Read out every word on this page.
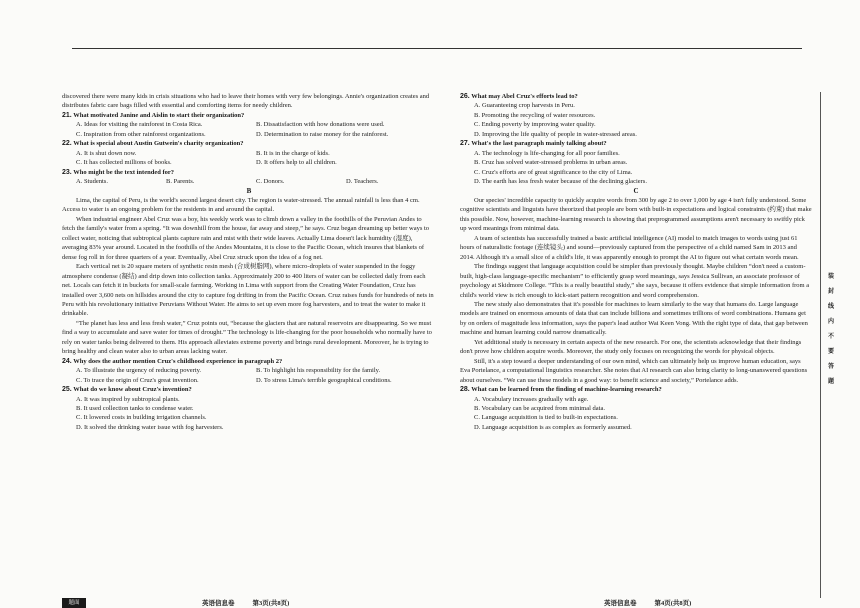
discovered there were many kids in crisis situations who had to leave their homes with very few belongings. Annie's organization creates and distributes fabric care bags filled with essential and comforting items for needy children.

21. What motivated Janine and Aislin to start their organization?

A. Ideas for visiting the rainforest in Costa Rica.	B. Dissatisfaction with how donations were used.
C. Inspiration from other rainforest organizations.	D. Determination to raise money for the rainforest.

22. What is special about Austin Gutwein's charity organization?

A. It is shut down now.	B. It is in the charge of kids.
C. It has collected millions of books.	D. It offers help to all children.

23. Who might be the text intended for?

A. Students.	B. Parents.	C. Donors.	D. Teachers.

B

Lima, the capital of Peru, is the world's second largest desert city. The region is water-stressed. The annual rainfall is less than 4 cm. Access to water is an ongoing problem for the residents in and around the capital.

When industrial engineer Abel Cruz was a boy, his weekly work was to climb down a valley in the foothills of the Peruvian Andes to fetch the family's water from a spring. “It was downhill from the house, far away and steep,” he says. Cruz began dreaming up better ways to collect water, noticing that subtropical plants capture rain and mist with their wide leaves. Actually Lima doesn't lack humidity (湿度), averaging 83% year around. Located in the foothills of the Andes Mountains, it is close to the Pacific Ocean, which insures that blankets of dense fog roll in for three quarters of a year. Eventually, Abel Cruz struck upon the idea of a fog net.

Each vertical net is 20 square meters of synthetic resin mesh (合成树脂网), where micro-droplets of water suspended in the foggy atmosphere condense (凝结) and drip down into collection tanks. Approximately 200 to 400 liters of water can be collected daily from each net. Locals can fetch it in buckets for small-scale farming. Working in Lima with support from the Creating Water Foundation, Cruz has installed over 3,600 nets on hillsides around the city to capture fog drifting in from the Pacific Ocean. Cruz raises funds for hundreds of nets in Peru with his revolutionary initiative Peruvians Without Water. He aims to set up even more fog harvesters, and to treat the water to make it drinkable.

“The planet has less and less fresh water,” Cruz points out, “because the glaciers that are natural reservoirs are disappearing. So we must find a way to accumulate and save water for times of drought.” The technology is life-changing for the poor households who normally have to rely on water tanks being delivered to them. His approach alleviates extreme poverty and brings rural development. Moreover, he is trying to bring healthy and clean water also to urban areas lacking water.

24. Why does the author mention Cruz's childhood experience in paragraph 2?

A. To illustrate the urgency of reducing poverty.	B. To highlight his responsibility for the family.
C. To trace the origin of Cruz's great invention.	D. To stress Lima's terrible geographical conditions.

25. What do we know about Cruz's invention?

A. It was inspired by subtropical plants.

B. It used collection tanks to condense water.

C. It lowered costs in building irrigation channels.

D. It solved the drinking water issue with fog harvesters.

26. What may Abel Cruz's efforts lead to?

A. Guaranteeing crop harvests in Peru.

B. Promoting the recycling of water resources.

C. Ending poverty by improving water quality.

D. Improving the life quality of people in water-stressed areas.

27. What's the last paragraph mainly talking about?

A. The technology is life-changing for all poor families.

B. Cruz has solved water-stressed problems in urban areas.

C. Cruz's efforts are of great significance to the city of Lima.

D. The earth has less fresh water because of the declining glaciers.

C

Our species' incredible capacity to quickly acquire words from 300 by age 2 to over 1,000 by age 4 isn't fully understood. Some cognitive scientists and linguists have theorized that people are born with built-in expectations and logical constraints (约束) that make this possible. Now, however, machine-learning research is showing that preprogrammed assumptions aren't necessary to swiftly pick up word meanings from minimal data.

A team of scientists has successfully trained a basic artificial intelligence (AI) model to match images to words using just 61 hours of naturalistic footage (连续镜头) and sound—previously captured from the perspective of a child named Sam in 2013 and 2014. Although it's a small slice of a child's life, it was apparently enough to prompt the AI to figure out what certain words mean.

The findings suggest that language acquisition could be simpler than previously thought. Maybe children “don't need a custom-built, high-class language-specific mechanism” to efficiently grasp word meanings, says Jessica Sullivan, an associate professor of psychology at Skidmore College. “This is a really beautiful study,” she says, because it offers evidence that simple information from a child's world view is rich enough to kick-start pattern recognition and word comprehension.

The new study also demonstrates that it's possible for machines to learn similarly to the way that humans do. Large language models are trained on enormous amounts of data that can include billions and sometimes trillions of word combinations. Humans get by on orders of magnitude less information, says the paper's lead author Wai Keen Vong. With the right type of data, that gap between machine and human learning could narrow dramatically.

Yet additional study is necessary in certain aspects of the new research. For one, the scientists acknowledge that their findings don't prove how children acquire words. Moreover, the study only focuses on recognizing the words for physical objects.

Still, it's a step toward a deeper understanding of our own mind, which can ultimately help us improve human education, says Eva Portelance, a computational linguistics researcher. She notes that AI research can also bring clarity to long-unanswered questions about ourselves. “We can use these models in a good way: to benefit science and society,” Portelance adds.

28. What can be learned from the finding of machine-learning research?

A. Vocabulary increases gradually with age.

B. Vocabulary can be acquired from minimal data.

C. Language acquisition is tied to built-in expectations.

D. Language acquisition is as complex as formerly assumed.

装
封
线
内
不
要
答
题
题面	英语信息卷	第3页(共8页)	英语信息卷	第4页(共8页)
